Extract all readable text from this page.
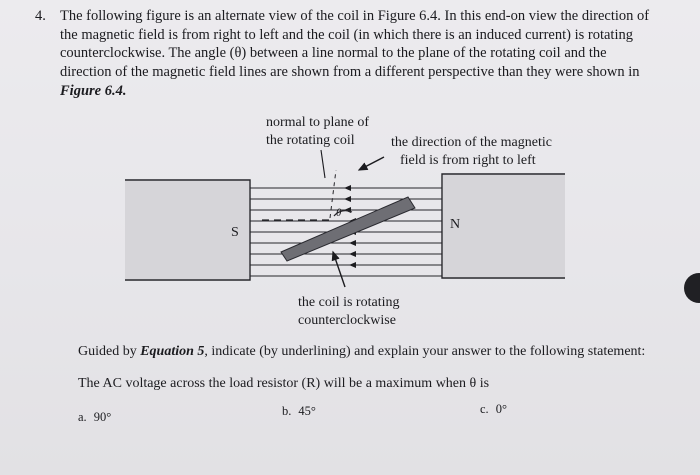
4. The following figure is an alternate view of the coil in Figure 6.4. In this end-on view the direction of
the magnetic field is from right to left and the coil (in which there is an induced current) is rotating
counterclockwise. The angle (θ) between a line normal to the plane of the rotating coil and the
direction of the magnetic field lines are shown from a different perspective than they were shown in
Figure 6.4.
θ
S
N
normal to plane of
the rotating coil	the direction of the magnetic
field is from right to left
the coil is rotating
counterclockwise
Guided by Equation 5, indicate (by underlining) and explain your answer to the following statement:
The AC voltage across the load resistor (R) will be a maximum when θ is
a. 90°	b. 45°	c. 0°
